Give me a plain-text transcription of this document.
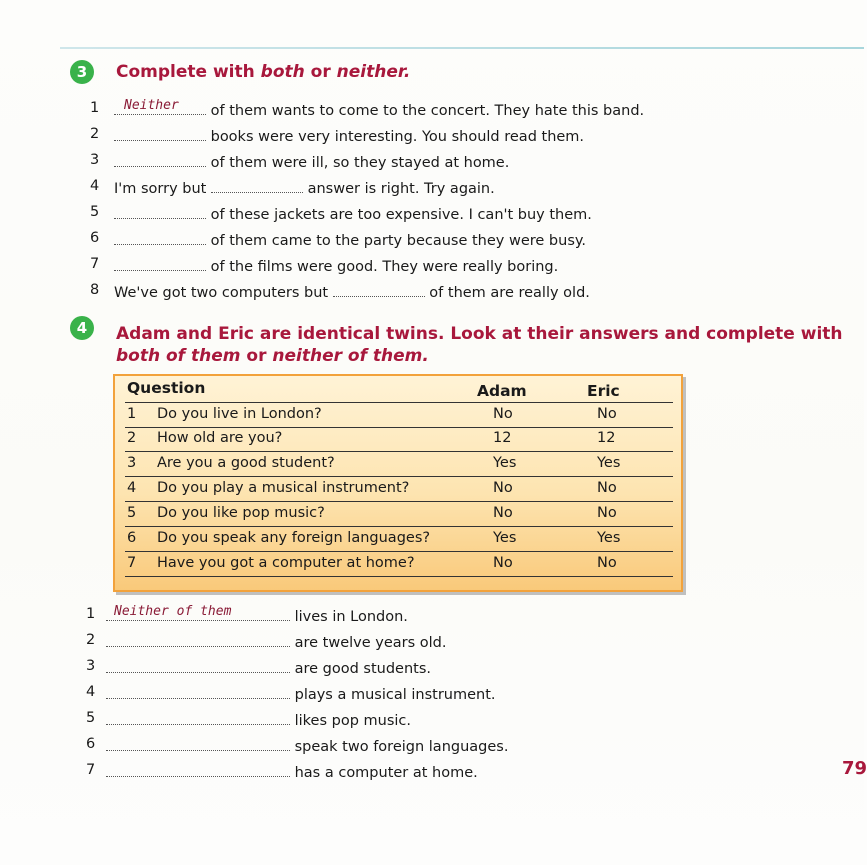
3	Complete with both or neither.
1 Neither of them wants to come to the concert. They hate this band.
2	books were very interesting. You should read them.
3	of them were ill, so they stayed at home.
4 I'm sorry but	answer is right. Try again.
5	of these jackets are too expensive. I can't buy them.
6	of them came to the party because they were busy.
7	of the films were good. They were really boring.
8 We've got two computers but	of them are really old.
4	Adam and Eric are identical twins. Look at their answers and complete with
both of them or neither of them.
Question	Adam	Eric
1 Do you live in London?	No	No
2 How old are you?	12	12
3 Are you a good student?	Yes	Yes
4 Do you play a musical instrument?	No	No
5 Do you like pop music?	No	No
6 Do you speak any foreign languages?	Yes	Yes
7 Have you got a computer at home?	No	No
1 Neither of them	lives in London.
2	are twelve years old.
3	are good students.
4	plays a musical instrument.
5	likes pop music.
6	speak two foreign languages.
7	has a computer at home.	79
